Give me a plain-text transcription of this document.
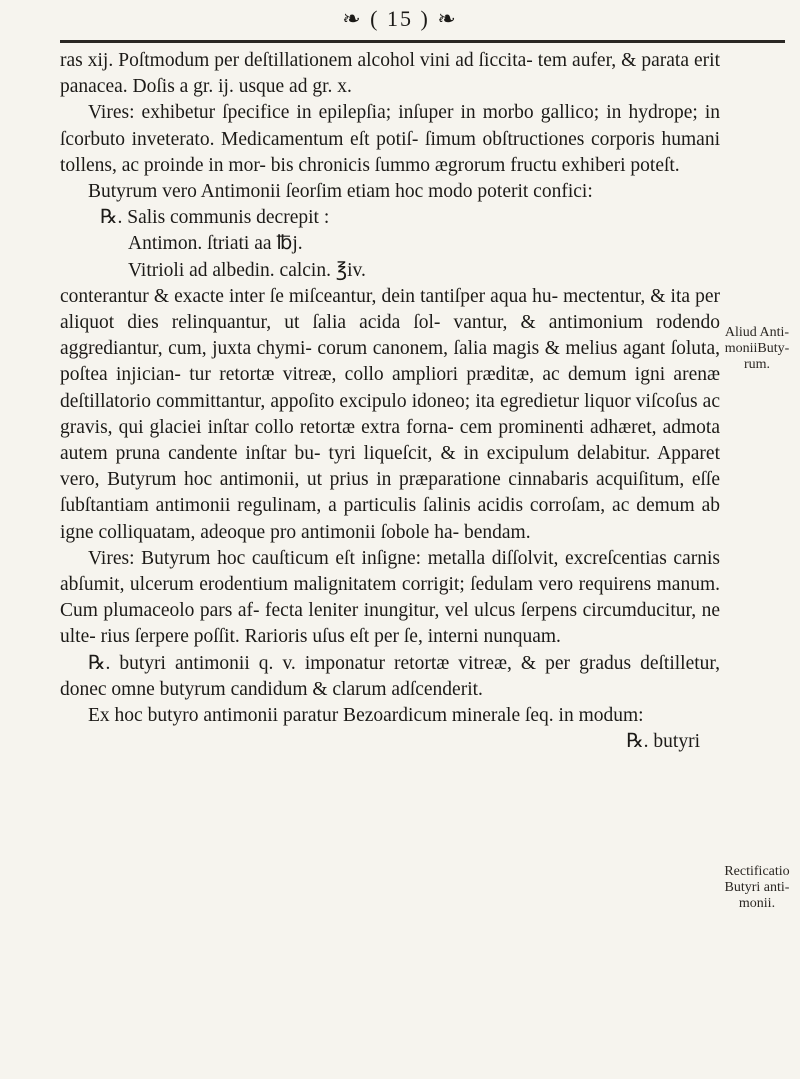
❧ ( 15 ) ❧

ras xij. Poſtmodum per deſtillationem alcohol vini ad ſiccita- tem aufer, & parata erit panacea. Doſis a gr. ij. usque ad gr. x.

Vires: exhibetur ſpecifice in epilepſia; inſuper in morbo gallico; in hydrope; in ſcorbuto inveterato. Medicamentum eſt potiſ- ſimum obſtructiones corporis humani tollens, ac proinde in mor- bis chronicis ſummo ægrorum fructu exhiberi poteſt.

Butyrum vero Antimonii ſeorſim etiam hoc modo poterit confici:

℞. Salis communis decrepit :
Antimon. ſtriati aa ℔j.
Vitrioli ad albedin. calcin. ℥iv.

conterantur & exacte inter ſe miſceantur, dein tantiſper aqua hu- mectentur, & ita per aliquot dies relinquantur, ut ſalia acida ſol- vantur, & antimonium rodendo aggrediantur, cum, juxta chymi- corum canonem, ſalia magis & melius agant ſoluta, poſtea injician- tur retortæ vitreæ, collo ampliori præditæ, ac demum igni arenæ deſtillatorio committantur, appoſito excipulo idoneo; ita egredietur liquor viſcoſus ac gravis, qui glaciei inſtar collo retortæ extra forna- cem prominenti adhæret, admota autem pruna candente inſtar bu- tyri liqueſcit, & in excipulum delabitur. Apparet vero, Butyrum hoc antimonii, ut prius in præparatione cinnabaris acquiſitum, eſſe ſubſtantiam antimonii regulinam, a particulis ſalinis acidis corroſam, ac demum ab igne colliquatam, adeoque pro antimonii ſobole ha- bendam.

Vires: Butyrum hoc cauſticum eſt inſigne: metalla diſſolvit, excreſcentias carnis abſumit, ulcerum erodentium malignitatem corrigit; ſedulam vero requirens manum. Cum plumaceolo pars af- fecta leniter inungitur, vel ulcus ſerpens circumducitur, ne ulte- rius ſerpere poſſit. Rarioris uſus eſt per ſe, interni nunquam.

℞. butyri antimonii q. v. imponatur retortæ vitreæ, & per gradus deſtilletur, donec omne butyrum candidum & clarum adſcenderit.

Ex hoc butyro antimonii paratur Bezoardicum minerale ſeq. in modum:

℞. butyri

Aliud Anti- moniiButy- rum.
Rectificatio Butyri anti- monii.
